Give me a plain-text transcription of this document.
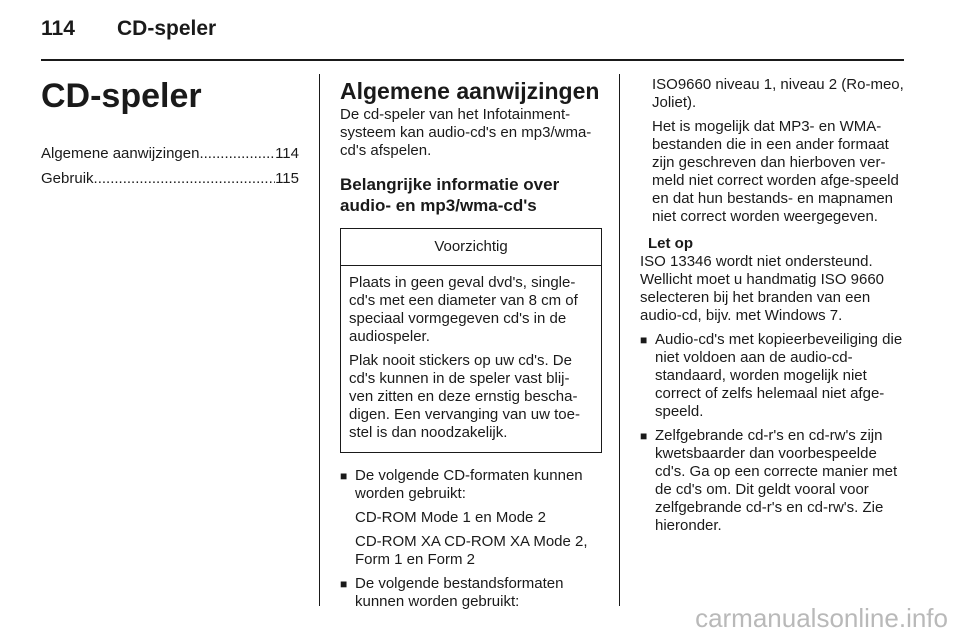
114 CD-speler
CD-speler
Algemene aanwijzingen .....	114
Gebruik .....	115
Algemene aanwijzingen

De cd-speler van het Infotainment-systeem kan audio-cd's en mp3/wma-cd's afspelen.

Belangrijke informatie over audio- en mp3/wma-cd's
Voorzichtig

Plaats in geen geval dvd's, single-cd's met een diameter van 8 cm of speciaal vormgegeven cd's in de audiospeler.

Plak nooit stickers op uw cd's. De cd's kunnen in de speler vast blij-ven zitten en deze ernstig bescha-digen. Een vervanging van uw toe-stel is dan noodzakelijk.

■ De volgende CD-formaten kunnen worden gebruikt:
CD-ROM Mode 1 en Mode 2
CD-ROM XA CD-ROM XA Mode 2, Form 1 en Form 2
■ De volgende bestandsformaten kunnen worden gebruikt:

ISO9660 niveau 1, niveau 2 (Ro-meo, Joliet).

Het is mogelijk dat MP3- en WMA-bestanden die in een ander formaat zijn geschreven dan hierboven ver-meld niet correct worden afge-speeld en dat hun bestands- en mapnamen niet correct worden weergegeven.

Let op

ISO 13346 wordt niet ondersteund. Wellicht moet u handmatig ISO 9660 selecteren bij het branden van een audio-cd, bijv. met Windows 7.

■ Audio-cd's met kopieerbeveiliging die niet voldoen aan de audio-cd-standaard, worden mogelijk niet correct of zelfs helemaal niet afge-speeld.
■ Zelfgebrande cd-r's en cd-rw's zijn kwetsbaarder dan voorbespeelde cd's. Ga op een correcte manier met de cd's om. Dit geldt vooral voor zelfgebrande cd-r's en cd-rw's. Zie hieronder.
carmanualsonline.info
